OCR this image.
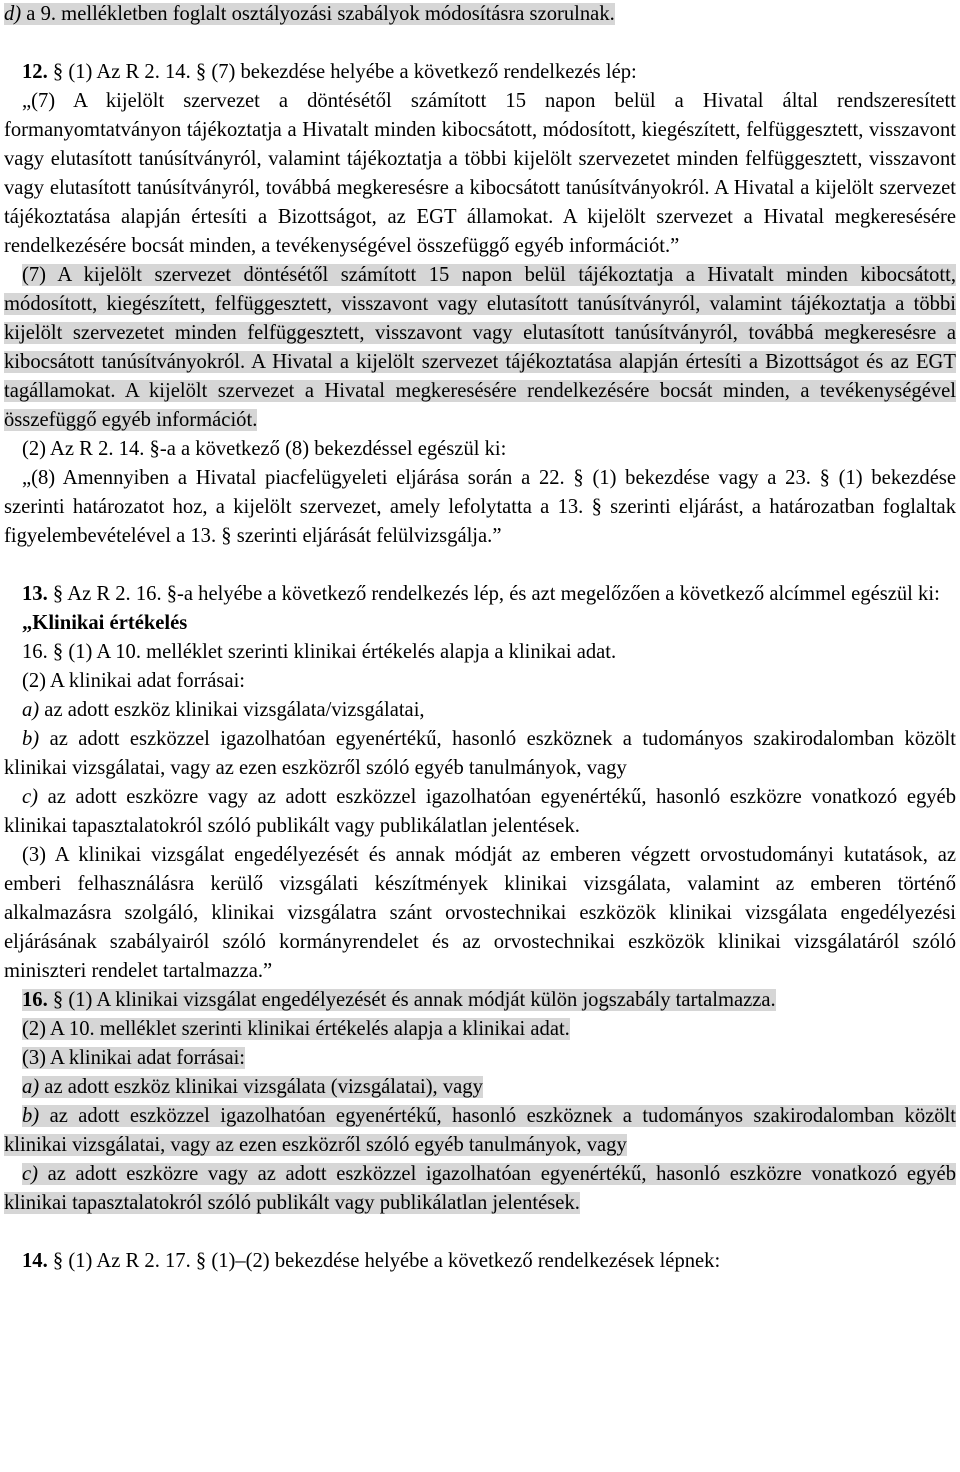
d) a 9. mellékletben foglalt osztályozási szabályok módosításra szorulnak.

12. § (1) Az R 2. 14. § (7) bekezdése helyébe a következő rendelkezés lép:

„(7) A kijelölt szervezet a döntésétől számított 15 napon belül a Hivatal által rendszeresített formanyomtatványon tájékoztatja a Hivatalt minden kibocsátott, módosított, kiegészített, felfüggesztett, visszavont vagy elutasított tanúsítványról, valamint tájékoztatja a többi kijelölt szervezetet minden felfüggesztett, visszavont vagy elutasított tanúsítványról, továbbá megkeresésre a kibocsátott tanúsítványokról. A Hivatal a kijelölt szervezet tájékoztatása alapján értesíti a Bizottságot, az EGT államokat. A kijelölt szervezet a Hivatal megkeresésére rendelkezésére bocsát minden, a tevékenységével összefüggő egyéb információt.”

(7) A kijelölt szervezet döntésétől számított 15 napon belül tájékoztatja a Hivatalt minden kibocsátott, módosított, kiegészített, felfüggesztett, visszavont vagy elutasított tanúsítványról, valamint tájékoztatja a többi kijelölt szervezetet minden felfüggesztett, visszavont vagy elutasított tanúsítványról, továbbá megkeresésre a kibocsátott tanúsítványokról. A Hivatal a kijelölt szervezet tájékoztatása alapján értesíti a Bizottságot és az EGT tagállamokat. A kijelölt szervezet a Hivatal megkeresésére rendelkezésére bocsát minden, a tevékenységével összefüggő egyéb információt.

(2) Az R 2. 14. §-a a következő (8) bekezdéssel egészül ki:

„(8) Amennyiben a Hivatal piacfelügyeleti eljárása során a 22. § (1) bekezdése vagy a 23. § (1) bekezdése szerinti határozatot hoz, a kijelölt szervezet, amely lefolytatta a 13. § szerinti eljárást, a határozatban foglaltak figyelembevételével a 13. § szerinti eljárását felülvizsgálja.”

13. § Az R 2. 16. §-a helyébe a következő rendelkezés lép, és azt megelőzően a következő alcímmel egészül ki:

„Klinikai értékelés

16. § (1) A 10. melléklet szerinti klinikai értékelés alapja a klinikai adat.

(2) A klinikai adat forrásai:

a) az adott eszköz klinikai vizsgálata/vizsgálatai,

b) az adott eszközzel igazolhatóan egyenértékű, hasonló eszköznek a tudományos szakirodalomban közölt klinikai vizsgálatai, vagy az ezen eszközről szóló egyéb tanulmányok, vagy

c) az adott eszközre vagy az adott eszközzel igazolhatóan egyenértékű, hasonló eszközre vonatkozó egyéb klinikai tapasztalatokról szóló publikált vagy publikálatlan jelentések.

(3) A klinikai vizsgálat engedélyezését és annak módját az emberen végzett orvostudományi kutatások, az emberi felhasználásra kerülő vizsgálati készítmények klinikai vizsgálata, valamint az emberen történő alkalmazásra szolgáló, klinikai vizsgálatra szánt orvostechnikai eszközök klinikai vizsgálata engedélyezési eljárásának szabályairól szóló kormányrendelet és az orvostechnikai eszközök klinikai vizsgálatáról szóló miniszteri rendelet tartalmazza.”

16. § (1) A klinikai vizsgálat engedélyezését és annak módját külön jogszabály tartalmazza.

(2) A 10. melléklet szerinti klinikai értékelés alapja a klinikai adat.

(3) A klinikai adat forrásai:

a) az adott eszköz klinikai vizsgálata (vizsgálatai), vagy

b) az adott eszközzel igazolhatóan egyenértékű, hasonló eszköznek a tudományos szakirodalomban közölt klinikai vizsgálatai, vagy az ezen eszközről szóló egyéb tanulmányok, vagy

c) az adott eszközre vagy az adott eszközzel igazolhatóan egyenértékű, hasonló eszközre vonatkozó egyéb klinikai tapasztalatokról szóló publikált vagy publikálatlan jelentések.

14. § (1) Az R 2. 17. § (1)–(2) bekezdése helyébe a következő rendelkezések lépnek:
